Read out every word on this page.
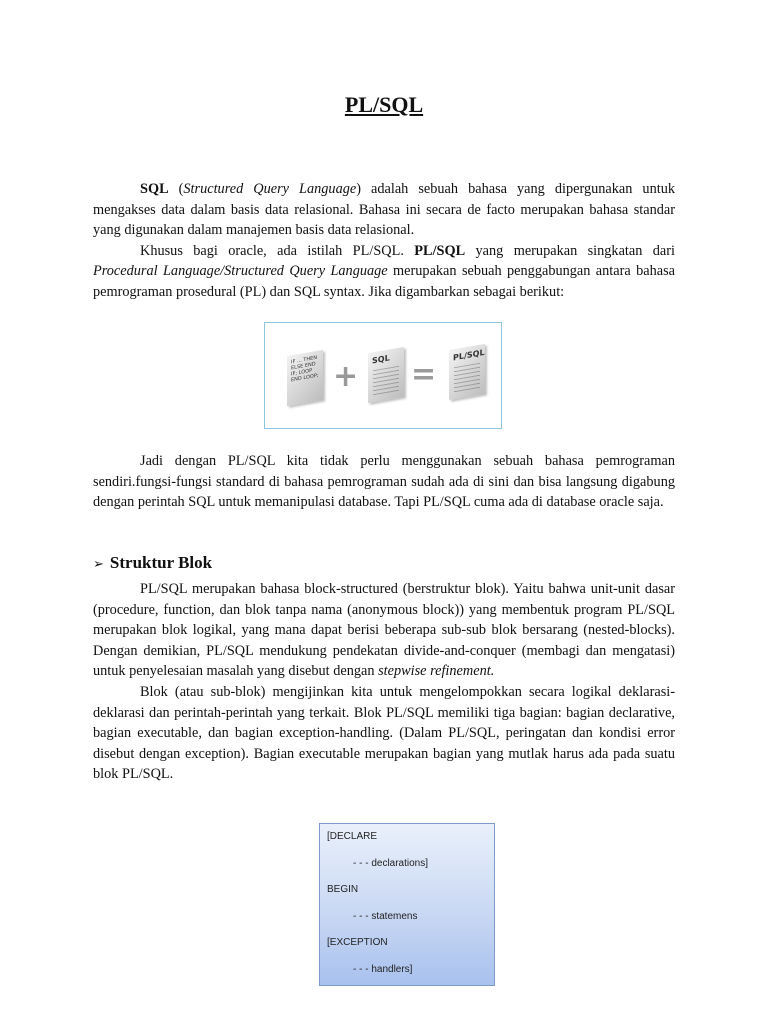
PL/SQL

SQL (Structured Query Language) adalah sebuah bahasa yang dipergunakan untuk mengakses data dalam basis data relasional. Bahasa ini secara de facto merupakan bahasa standar yang digunakan dalam manajemen basis data relasional.

Khusus bagi oracle, ada istilah PL/SQL. PL/SQL yang merupakan singkatan dari Procedural Language/Structured Query Language merupakan sebuah penggabungan antara bahasa pemrograman prosedural (PL) dan SQL syntax. Jika digambarkan sebagai berikut:

IF ... THEN ELSE END IF; LOOP END LOOP; + SQL =
PL/SQL

Jadi dengan PL/SQL kita tidak perlu menggunakan sebuah bahasa pemrograman sendiri.fungsi-fungsi standard di bahasa pemrograman sudah ada di sini dan bisa langsung digabung dengan perintah SQL untuk memanipulasi database. Tapi PL/SQL cuma ada di database oracle saja.

➢ Struktur Blok

PL/SQL merupakan bahasa block-structured (berstruktur blok). Yaitu bahwa unit-unit dasar (procedure, function, dan blok tanpa nama (anonymous block)) yang membentuk program PL/SQL merupakan blok logikal, yang mana dapat berisi beberapa sub-sub blok bersarang (nested-blocks). Dengan demikian, PL/SQL mendukung pendekatan divide-and-conquer (membagi dan mengatasi) untuk penyelesaian masalah yang disebut dengan stepwise refinement.

Blok (atau sub-blok) mengijinkan kita untuk mengelompokkan secara logikal deklarasi-deklarasi dan perintah-perintah yang terkait. Blok PL/SQL memiliki tiga bagian: bagian declarative, bagian executable, dan bagian exception-handling. (Dalam PL/SQL, peringatan dan kondisi error disebut dengan exception). Bagian executable merupakan bagian yang mutlak harus ada pada suatu blok PL/SQL.

[DECLARE
- - - declarations]
BEGIN
- - - statemens
[EXCEPTION
- - - handlers]
